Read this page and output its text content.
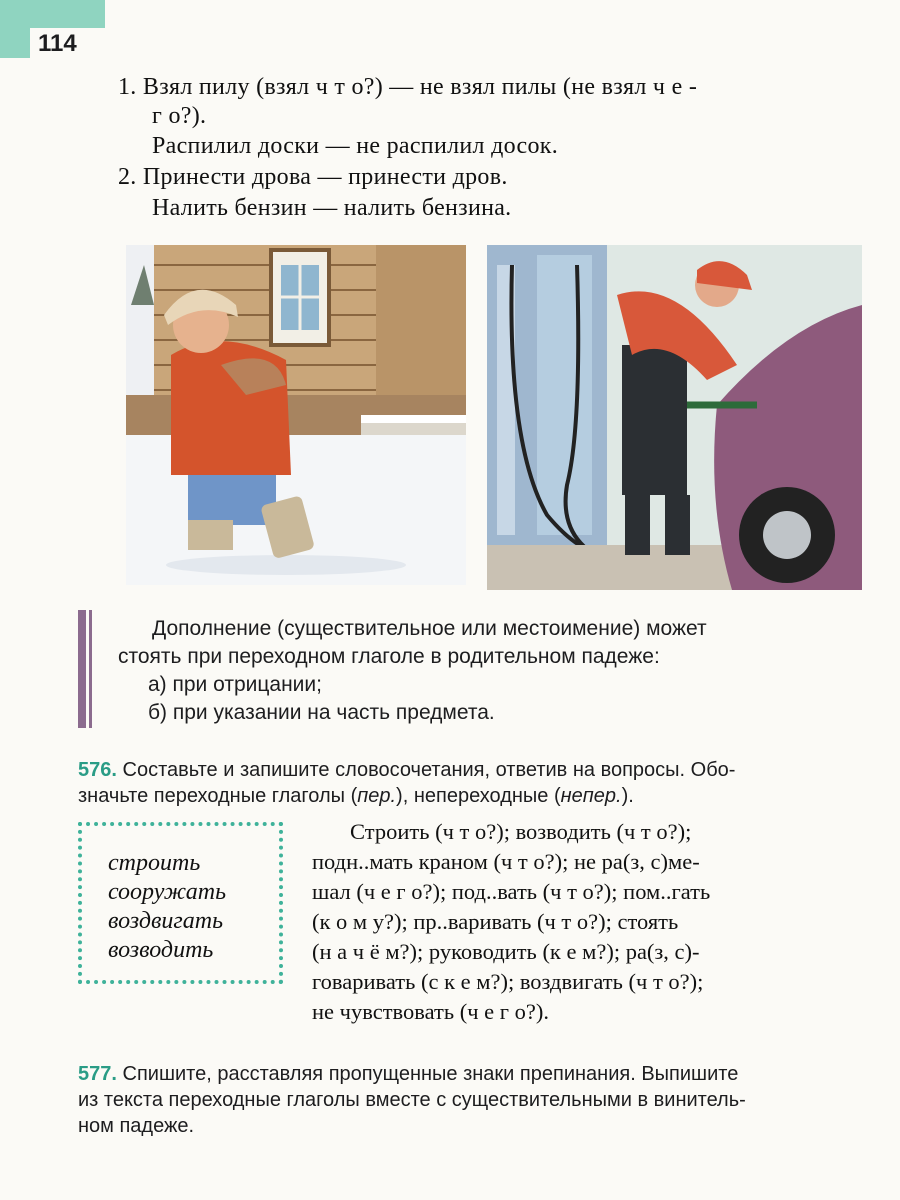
114
1. Взял пилу (взял ч т о?) — не взял пилы (не взял ч е -
г о?).
Распилил доски — не распилил досок.
2. Принести дрова — принести дров.
Налить бензин — налить бензина.
Дополнение (существительное или местоимение) может
стоять при переходном глаголе в родительном падеже:
а) при отрицании;
б) при указании на часть предмета.
576. Составьте и запишите словосочетания, ответив на вопросы. Обо-
значьте переходные глаголы (пер.), непереходные (непер.).
строить
сооружать
воздвигать
возводить
Строить (ч т о?); возводить (ч т о?);
подн..мать краном (ч т о?); не ра(з, с)ме-
шал (ч е г о?); под..вать (ч т о?); пом..гать
(к о м у?); пр..варивать (ч т о?); стоять
(н а ч ё м?); руководить (к е м?); ра(з, с)-
говаривать (с к е м?); воздвигать (ч т о?);
не чувствовать (ч е г о?).
577. Спишите, расставляя пропущенные знаки препинания. Выпишите
из текста переходные глаголы вместе с существительными в винитель-
ном падеже.
